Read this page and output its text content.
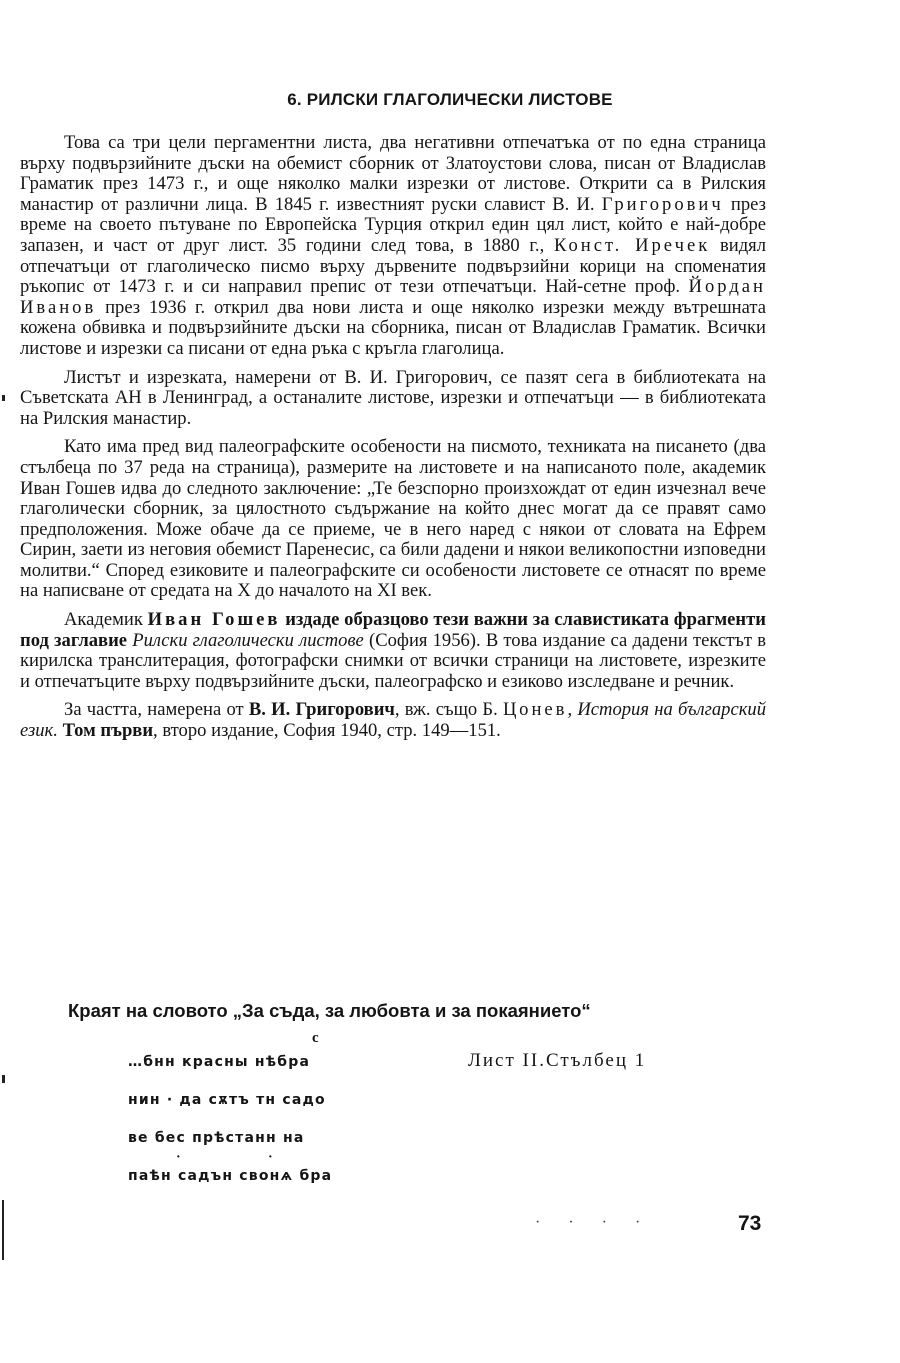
6. РИЛСКИ ГЛАГОЛИЧЕСКИ ЛИСТОВЕ

Това са три цели пергаментни листа, два негативни отпечатъка от по една страница върху подвързийните дъски на обемист сборник от Златоустови слова, писан от Владислав Граматик през 1473 г., и още няколко малки изрезки от листове. Открити са в Рилския манастир от различни лица. В 1845 г. известният руски славист В. И. Григорович през време на своето пътуване по Европейска Турция открил един цял лист, който е най-добре запазен, и част от друг лист. 35 години след това, в 1880 г., Конст. Иречек видял отпечатъци от глаголическо писмо върху дървените подвързийни корици на споменатия ръкопис от 1473 г. и си направил препис от тези отпечатъци. Най-сетне проф. Йордан Иванов през 1936 г. открил два нови листа и още няколко изрезки между вътрешната кожена обвивка и подвързийните дъски на сборника, писан от Владислав Граматик. Всички листове и изрезки са писани от една ръка с кръгла глаголица.

Листът и изрезката, намерени от В. И. Григорович, се пазят сега в библиотеката на Съветската АН в Ленинград, а останалите листове, изрезки и отпечатъци — в библиотеката на Рилския манастир.

Като има пред вид палеографските особености на писмото, техниката на писането (два стълбеца по 37 реда на страница), размерите на листовете и на написаното поле, академик Иван Гошев идва до следното заключение: „Те безспорно произхождат от един изчезнал вече глаголически сборник, за цялостното съдържание на който днес могат да се правят само предположения. Може обаче да се приеме, че в него наред с някои от словата на Ефрем Сирин, заети из неговия обемист Паренесис, са били дадени и някои великопостни изповедни молитви.“ Според езиковите и палеографските си особености листовете се отнасят по време на написване от средата на X до началото на XI век.

Академик Иван Гошев издаде образцово тези важни за славистиката фрагменти под заглавие Рилски глаголически листове (София 1956). В това издание са дадени текстът в кирилска транслитерация, фотографски снимки от всички страници на листовете, изрезките и отпечатъците върху подвързийните дъски, палеографско и езиково изследване и речник.

За частта, намерена от В. И. Григорович, вж. също Б. Цонев, История на българский език. Том първи, второ издание, София 1940, стр. 149—151.

Краят на словото „За съда, за любовта и за покаянието“
с
…бнн красны нѣбра
нин · да сѫтъ тн садо
ве бес прѣстанн на
·	·
паѣн садън свонѧ бра
Лист II.Стълбец 1
· · · ·	73
